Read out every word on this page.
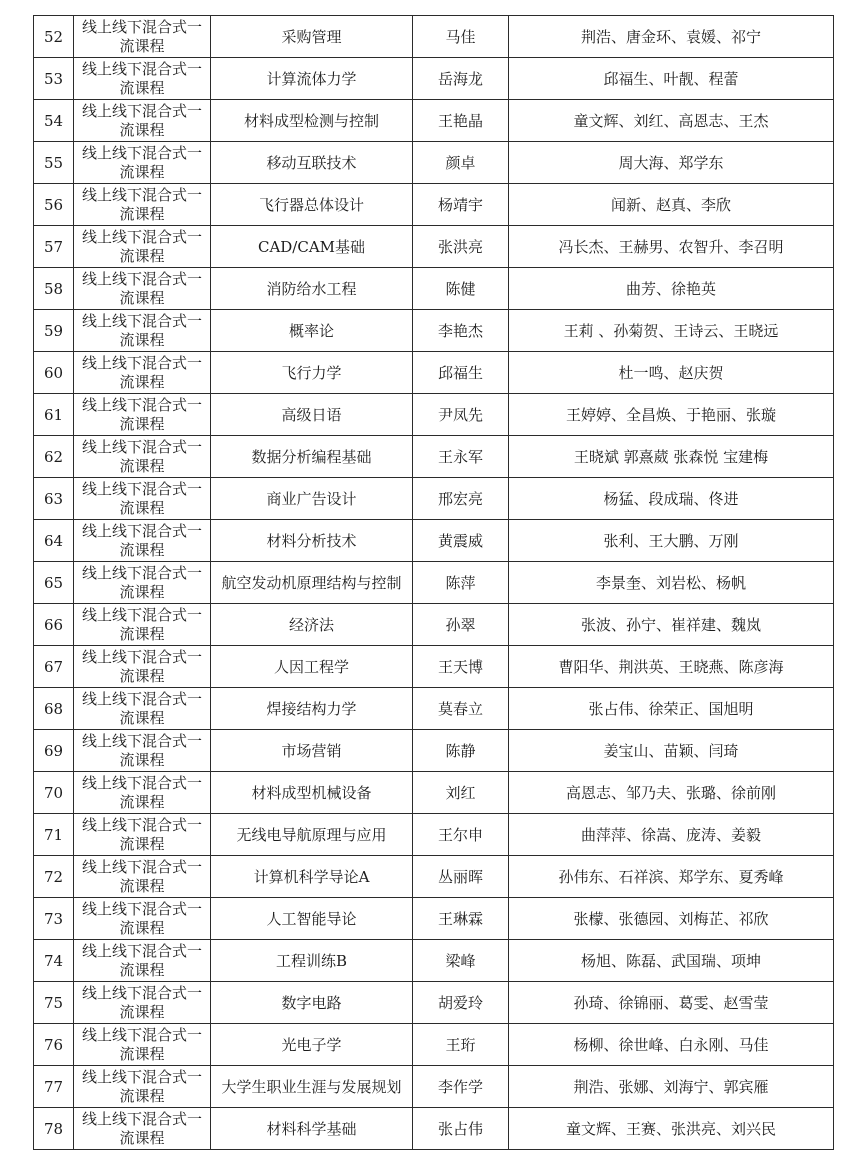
52	线上线下混合式一流课程	采购管理	马佳	荆浩、唐金环、袁媛、祁宁
53	线上线下混合式一流课程	计算流体力学	岳海龙	邱福生、叶靓、程蕾
54	线上线下混合式一流课程	材料成型检测与控制	王艳晶	童文辉、刘红、高恩志、王杰
55	线上线下混合式一流课程	移动互联技术	颜卓	周大海、郑学东
56	线上线下混合式一流课程	飞行器总体设计	杨靖宇	闻新、赵真、李欣
57	线上线下混合式一流课程	CAD/CAM基础	张洪亮	冯长杰、王赫男、农智升、李召明
58	线上线下混合式一流课程	消防给水工程	陈健	曲芳、徐艳英
59	线上线下混合式一流课程	概率论	李艳杰	王莉 、孙菊贺、王诗云、王晓远
60	线上线下混合式一流课程	飞行力学	邱福生	杜一鸣、赵庆贺
61	线上线下混合式一流课程	高级日语	尹凤先	王婷婷、全昌焕、于艳丽、张璇
62	线上线下混合式一流课程	数据分析编程基础	王永军	王晓斌 郭熹葳 张森悦 宝建梅
63	线上线下混合式一流课程	商业广告设计	邢宏亮	杨猛、段成瑞、佟进
64	线上线下混合式一流课程	材料分析技术	黄震威	张利、王大鹏、万刚
65	线上线下混合式一流课程	航空发动机原理结构与控制	陈萍	李景奎、刘岩松、杨帆
66	线上线下混合式一流课程	经济法	孙翠	张波、孙宁、崔祥建、魏岚
67	线上线下混合式一流课程	人因工程学	王天博	曹阳华、荆洪英、王晓燕、陈彦海
68	线上线下混合式一流课程	焊接结构力学	莫春立	张占伟、徐荣正、国旭明
69	线上线下混合式一流课程	市场营销	陈静	姜宝山、苗颖、闫琦
70	线上线下混合式一流课程	材料成型机械设备	刘红	高恩志、邹乃夫、张璐、徐前刚
71	线上线下混合式一流课程	无线电导航原理与应用	王尔申	曲萍萍、徐嵩、庞涛、姜毅
72	线上线下混合式一流课程	计算机科学导论A	丛丽晖	孙伟东、石祥滨、郑学东、夏秀峰
73	线上线下混合式一流课程	人工智能导论	王琳霖	张檬、张德园、刘梅芷、祁欣
74	线上线下混合式一流课程	工程训练B	梁峰	杨旭、陈磊、武国瑞、项坤
75	线上线下混合式一流课程	数字电路	胡爱玲	孙琦、徐锦丽、葛雯、赵雪莹
76	线上线下混合式一流课程	光电子学	王珩	杨柳、徐世峰、白永刚、马佳
77	线上线下混合式一流课程	大学生职业生涯与发展规划	李作学	荆浩、张娜、刘海宁、郭宾雁
78	线上线下混合式一流课程	材料科学基础	张占伟	童文辉、王赛、张洪亮、刘兴民
